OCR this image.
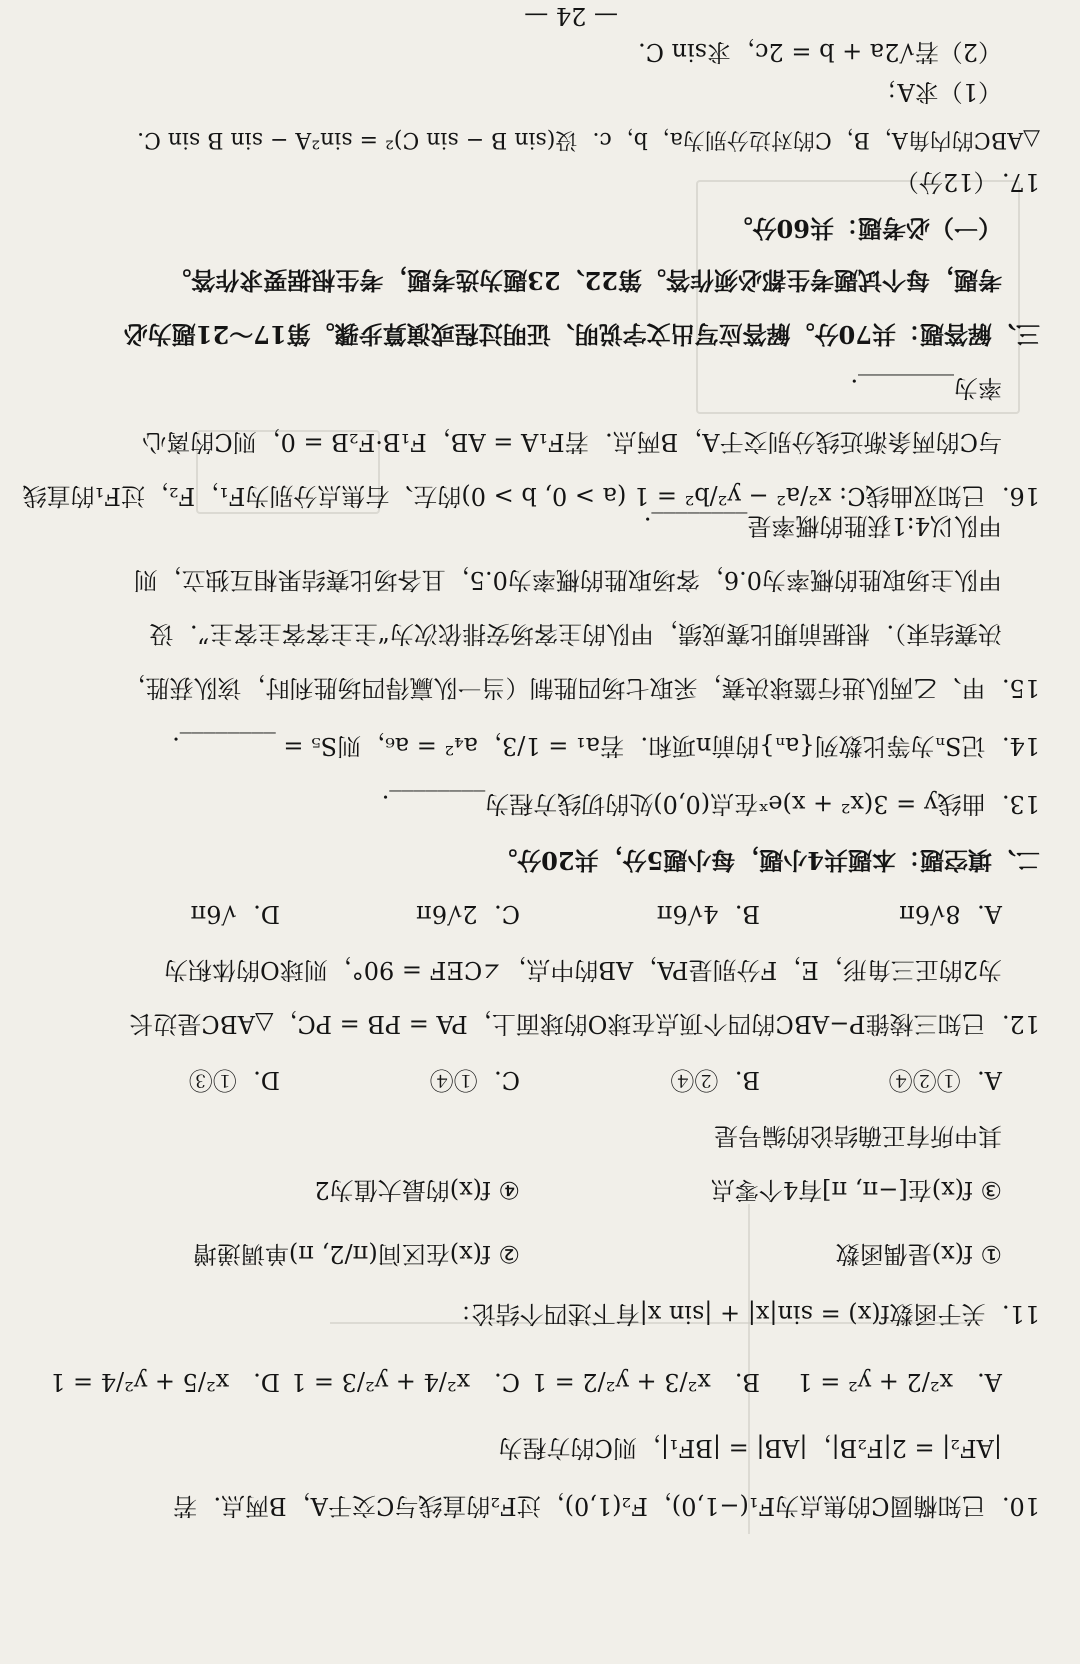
10．已知椭圆C的焦点为F₁(−1,0)，F₂(1,0)，过F₂的直线与C交于A，B两点．若
|AF₂| = 2|F₂B|，|AB| = |BF₁|，则C的方程为
A． x²/2 + y² = 1
B． x²/3 + y²/2 = 1
C． x²/4 + y²/3 = 1
D． x²/5 + y²/4 = 1
11．关于函数f(x) = sin|x| + |sin x|有下述四个结论：
① f(x)是偶函数
② f(x)在区间(π/2, π)单调递增
③ f(x)在[−π, π]有4个零点
④ f(x)的最大值为2
其中所有正确结论的编号是
A．①②④
B．②④
C．①④
D．①③
12．已知三棱锥P−ABC的四个顶点在球O的球面上，PA = PB = PC，△ABC是边长
为2的正三角形，E，F分别是PA，AB的中点，∠CEF = 90°，则球O的体积为
A．8√6π
B．4√6π
C．2√6π
D．√6π
二、填空题：本题共4小题，每小题5分，共20分。
13．曲线y = 3(x² + x)eˣ在点(0,0)处的切线方程为________．
14．记Sₙ为等比数列{aₙ}的前n项和．若a₁ = 1/3，a₄² = a₆，则S₅ = ________．
15．甲、乙两队进行篮球决赛，采取七场四胜制（当一队赢得四场胜利时，该队获胜，
决赛结束）．根据前期比赛成绩，甲队的主客场安排依次为“主主客客主客主”．设
甲队主场取胜的概率为0.6，客场取胜的概率为0.5，且各场比赛结果相互独立，则
甲队以4:1获胜的概率是________．
16．已知双曲线C: x²/a² − y²/b² = 1 (a > 0, b > 0)的左、右焦点分别为F₁，F₂，过F₁的直线
与C的两条渐近线分别交于A，B两点．若F₁A = AB，F₁B·F₂B = 0，则C的离心
率为________．
三、解答题：共70分。解答应写出文字说明、证明过程或演算步骤。第17～21题为必
考题，每个试题考生都必须作答。第22、23题为选考题，考生根据要求作答。
（一）必考题：共60分。
17．（12分）
△ABC的内角A，B，C的对边分别为a，b，c．设(sin B − sin C)² = sin²A − sin B sin C．
（1）求A；
（2）若√2a + b = 2c，求sin C．
— 24 —
